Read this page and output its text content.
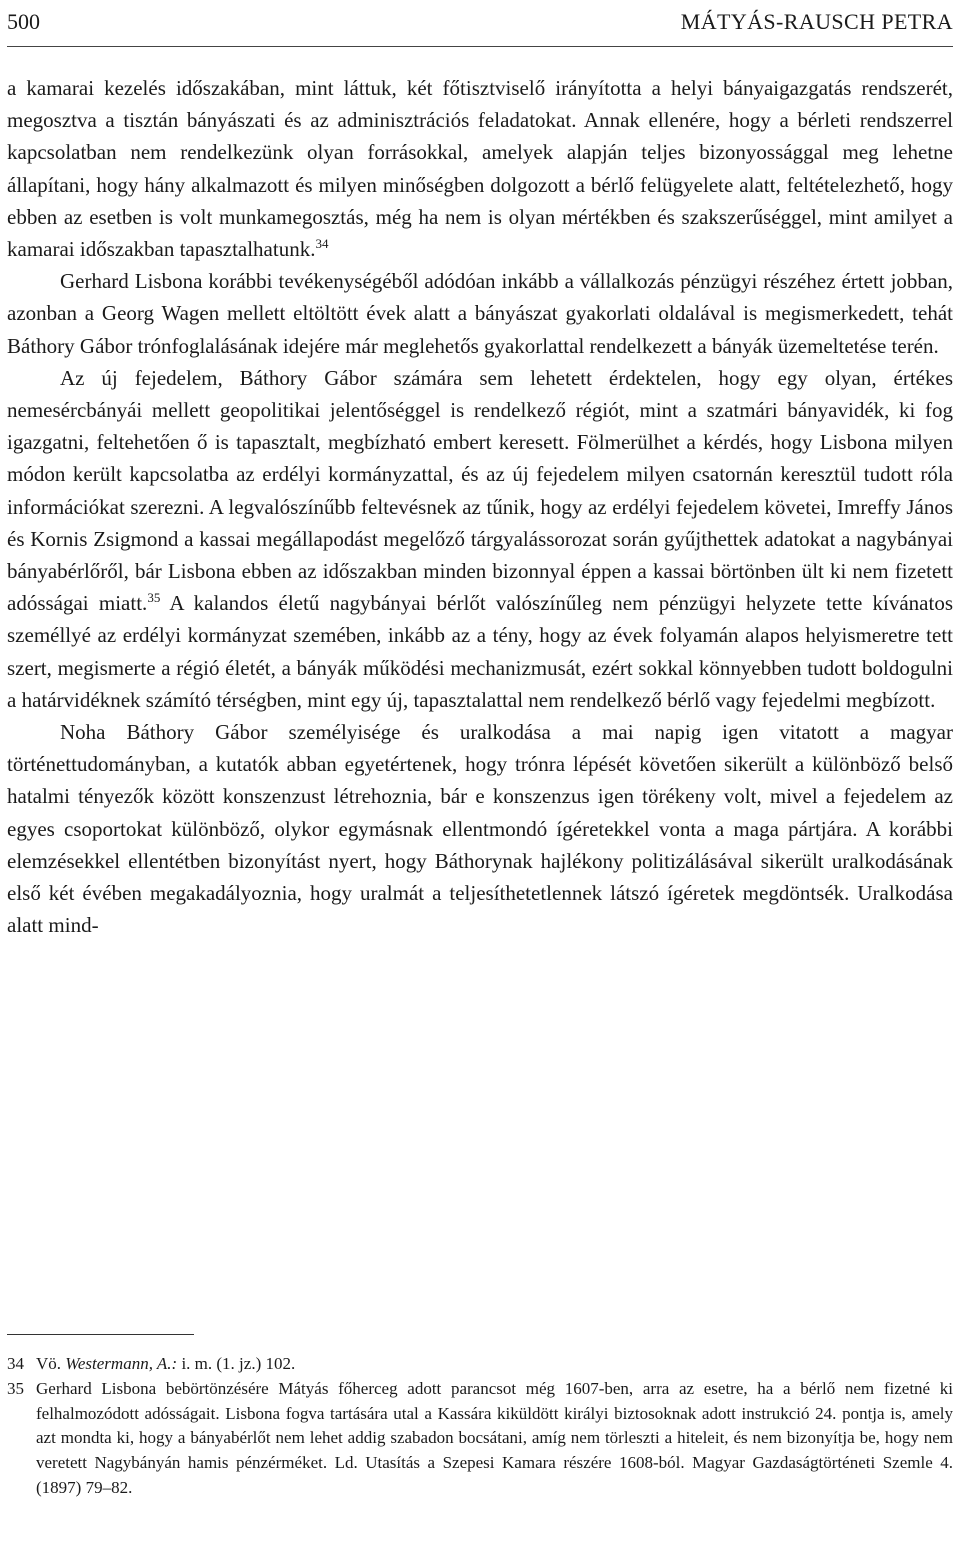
500	MÁTYÁS-RAUSCH PETRA

a kamarai kezelés időszakában, mint láttuk, két főtisztviselő irányította a helyi bányaigazgatás rendszerét, megosztva a tisztán bányászati és az adminisztrációs feladatokat. Annak ellenére, hogy a bérleti rendszerrel kapcsolatban nem rendelkezünk olyan forrásokkal, amelyek alapján teljes bizonyossággal meg lehetne állapítani, hogy hány alkalmazott és milyen minőségben dolgozott a bérlő felügyelete alatt, feltételezhető, hogy ebben az esetben is volt munkamegosztás, még ha nem is olyan mértékben és szakszerűséggel, mint amilyet a kamarai időszakban tapasztalhatunk.$^{34}$

Gerhard Lisbona korábbi tevékenységéből adódóan inkább a vállalkozás pénzügyi részéhez értett jobban, azonban a Georg Wagen mellett eltöltött évek alatt a bányászat gyakorlati oldalával is megismerkedett, tehát Báthory Gábor trónfoglalásának idejére már meglehetős gyakorlattal rendelkezett a bányák üzemeltetése terén.

Az új fejedelem, Báthory Gábor számára sem lehetett érdektelen, hogy egy olyan, értékes nemesércbányái mellett geopolitikai jelentőséggel is rendelkező régiót, mint a szatmári bányavidék, ki fog igazgatni, feltehetően ő is tapasztalt, megbízható embert keresett. Fölmerülhet a kérdés, hogy Lisbona milyen módon került kapcsolatba az erdélyi kormányzattal, és az új fejedelem milyen csatornán keresztül tudott róla információkat szerezni. A legvalószínűbb feltevésnek az tűnik, hogy az erdélyi fejedelem követei, Imreffy János és Kornis Zsigmond a kassai megállapodást megelőző tárgyalássorozat során gyűjthettek adatokat a nagybányai bányabérlőről, bár Lisbona ebben az időszakban minden bizonnyal éppen a kassai börtönben ült ki nem fizetett adósságai miatt.$^{35}$ A kalandos életű nagybányai bérlőt valószínűleg nem pénzügyi helyzete tette kívánatos személlyé az erdélyi kormányzat szemében, inkább az a tény, hogy az évek folyamán alapos helyismeretre tett szert, megismerte a régió életét, a bányák működési mechanizmusát, ezért sokkal könnyebben tudott boldogulni a határvidéknek számító térségben, mint egy új, tapasztalattal nem rendelkező bérlő vagy fejedelmi megbízott.

Noha Báthory Gábor személyisége és uralkodása a mai napig igen vitatott a magyar történettudományban, a kutatók abban egyetértenek, hogy trónra lépését követően sikerült a különböző belső hatalmi tényezők között konszenzust létrehoznia, bár e konszenzus igen törékeny volt, mivel a fejedelem az egyes csoportokat különböző, olykor egymásnak ellentmondó ígéretekkel vonta a maga pártjára. A korábbi elemzésekkel ellentétben bizonyítást nyert, hogy Báthorynak hajlékony politizálásával sikerült uralkodásának első két évében megakadályoznia, hogy uralmát a teljesíthetetlennek látszó ígéretek megdöntsék. Uralkodása alatt mind-

34 Vö. Westermann, A.: i. m. (1. jz.) 102.
35 Gerhard Lisbona bebörtönzésére Mátyás főherceg adott parancsot még 1607-ben, arra az esetre, ha a bérlő nem fizetné ki felhalmozódott adósságait. Lisbona fogva tartására utal a Kassára kiküldött királyi biztosoknak adott instrukció 24. pontja is, amely azt mondta ki, hogy a bányabérlőt nem lehet addig szabadon bocsátani, amíg nem törleszti a hiteleit, és nem bizonyítja be, hogy nem veretett Nagybányán hamis pénzérméket. Ld. Utasítás a Szepesi Kamara részére 1608-ból. Magyar Gazdaságtörténeti Szemle 4. (1897) 79–82.
